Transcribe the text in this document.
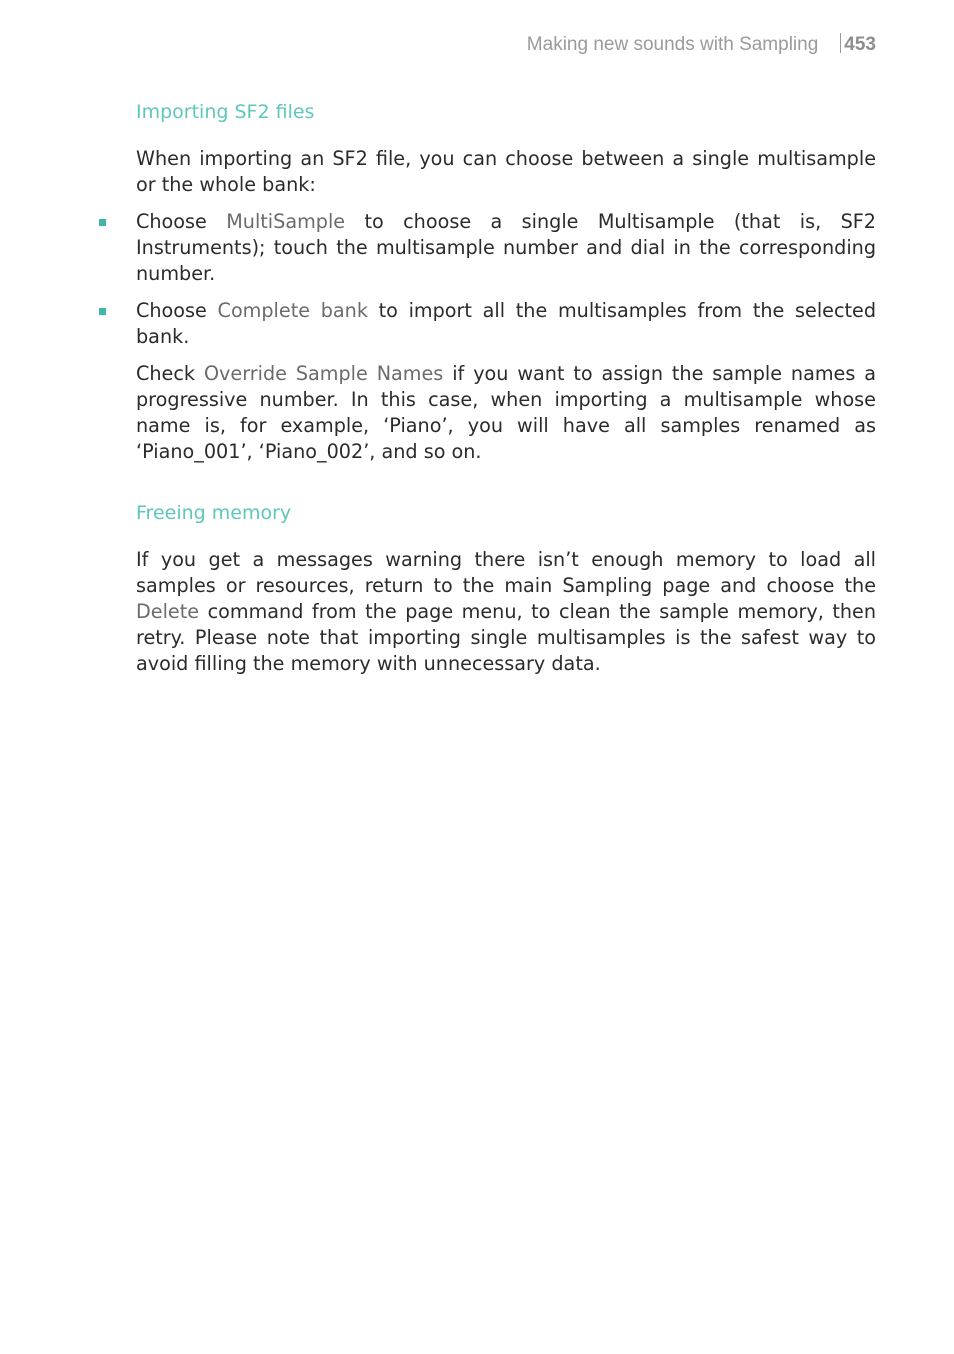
Making new sounds with Sampling 453
Importing SF2 files

When importing an SF2 file, you can choose between a single multisample or the whole bank:

Choose MultiSample to choose a single Multisample (that is, SF2 Instruments); touch the multisample number and dial in the corresponding number.

Choose Complete bank to import all the multisamples from the selected bank.

Check Override Sample Names if you want to assign the sample names a progressive number. In this case, when importing a multisample whose name is, for example, ‘Piano’, you will have all samples renamed as ‘Piano_001’, ‘Piano_002’, and so on.

Freeing memory

If you get a messages warning there isn’t enough memory to load all samples or resources, return to the main Sampling page and choose the Delete command from the page menu, to clean the sample memory, then retry. Please note that importing single multisamples is the safest way to avoid filling the memory with unnecessary data.
